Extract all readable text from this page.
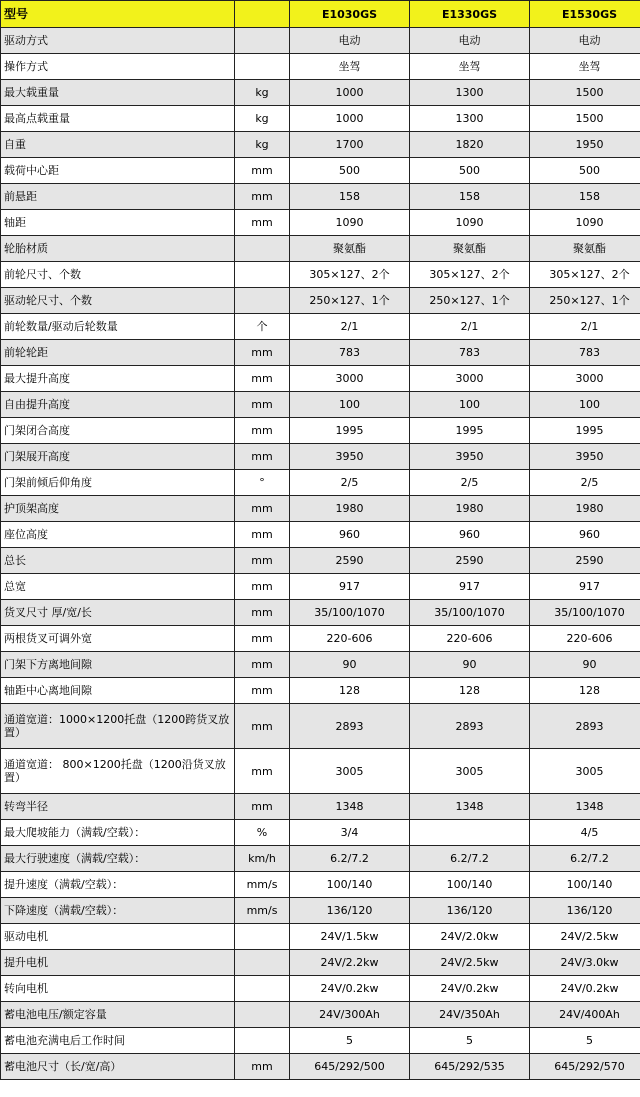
型号		E1030GS	E1330GS	E1530GS
驱动方式		电动	电动	电动
操作方式		坐驾	坐驾	坐驾
最大载重量	kg	1000	1300	1500
最高点载重量	kg	1000	1300	1500
自重	kg	1700	1820	1950
载荷中心距	mm	500	500	500
前悬距	mm	158	158	158
轴距	mm	1090	1090	1090
轮胎材质		聚氨酯	聚氨酯	聚氨酯
前轮尺寸、个数		305×127、2个	305×127、2个	305×127、2个
驱动轮尺寸、个数		250×127、1个	250×127、1个	250×127、1个
前轮数量/驱动后轮数量	个	2/1	2/1	2/1
前轮轮距	mm	783	783	783
最大提升高度	mm	3000	3000	3000
自由提升高度	mm	100	100	100
门架闭合高度	mm	1995	1995	1995
门架展开高度	mm	3950	3950	3950
门架前倾后仰角度	°	2/5	2/5	2/5
护顶架高度	mm	1980	1980	1980
座位高度	mm	960	960	960
总长	mm	2590	2590	2590
总宽	mm	917	917	917
货叉尺寸 厚/宽/长	mm	35/100/1070	35/100/1070	35/100/1070
两根货叉可调外宽	mm	220-606	220-606	220-606
门架下方离地间隙	mm	90	90	90
轴距中心离地间隙	mm	128	128	128
通道宽道：1000×1200托盘（1200跨货叉放置）	mm	2893	2893	2893
通道宽道： 800×1200托盘（1200沿货叉放置）	mm	3005	3005	3005
转弯半径	mm	1348	1348	1348
最大爬坡能力（满载/空载）：	%	3/4		4/5
最大行驶速度（满载/空载）：	km/h	6.2/7.2	6.2/7.2	6.2/7.2
提升速度（满载/空载）：	mm/s	100/140	100/140	100/140
下降速度（满载/空载）：	mm/s	136/120	136/120	136/120
驱动电机		24V/1.5kw	24V/2.0kw	24V/2.5kw
提升电机		24V/2.2kw	24V/2.5kw	24V/3.0kw
转向电机		24V/0.2kw	24V/0.2kw	24V/0.2kw
蓄电池电压/额定容量		24V/300Ah	24V/350Ah	24V/400Ah
蓄电池充满电后工作时间		5	5	5
蓄电池尺寸（长/宽/高）	mm	645/292/500	645/292/535	645/292/570
